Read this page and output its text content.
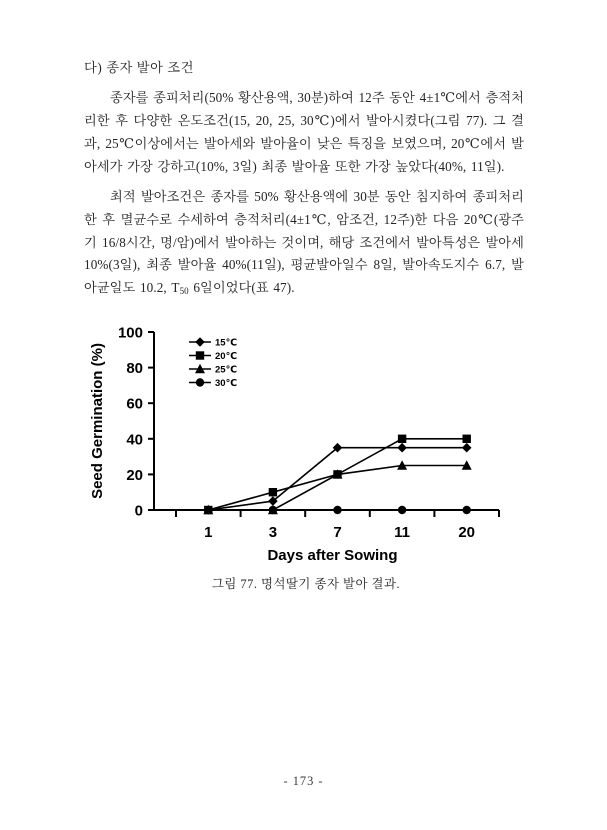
다) 종자 발아 조건

종자를 종피처리(50% 황산용액, 30분)하여 12주 동안 4±1℃에서 층적처리한 후 다양한 온도조건(15, 20, 25, 30℃)에서 발아시켰다(그림 77). 그 결과, 25℃이상에서는 발아세와 발아율이 낮은 특징을 보였으며, 20℃에서 발아세가 가장 강하고(10%, 3일) 최종 발아율 또한 가장 높았다(40%, 11일).

최적 발아조건은 종자를 50% 황산용액에 30분 동안 침지하여 종피처리한 후 멸균수로 수세하여 층적처리(4±1℃, 암조건, 12주)한 다음 20℃(광주기 16/8시간, 명/암)에서 발아하는 것이며, 해당 조건에서 발아특성은 발아세 10%(3일), 최종 발아율 40%(11일), 평균발아일수 8일, 발아속도지수 6.7, 발아균일도 10.2, $T_{50}$ 6일이었다(표 47).

0
20
40
60
80
100
1	3	7	11	20
Days after Sowing
Seed Germination (%)	15℃
20℃
25℃
30℃
그림 77. 명석딸기 종자 발아 결과.
- 173 -
